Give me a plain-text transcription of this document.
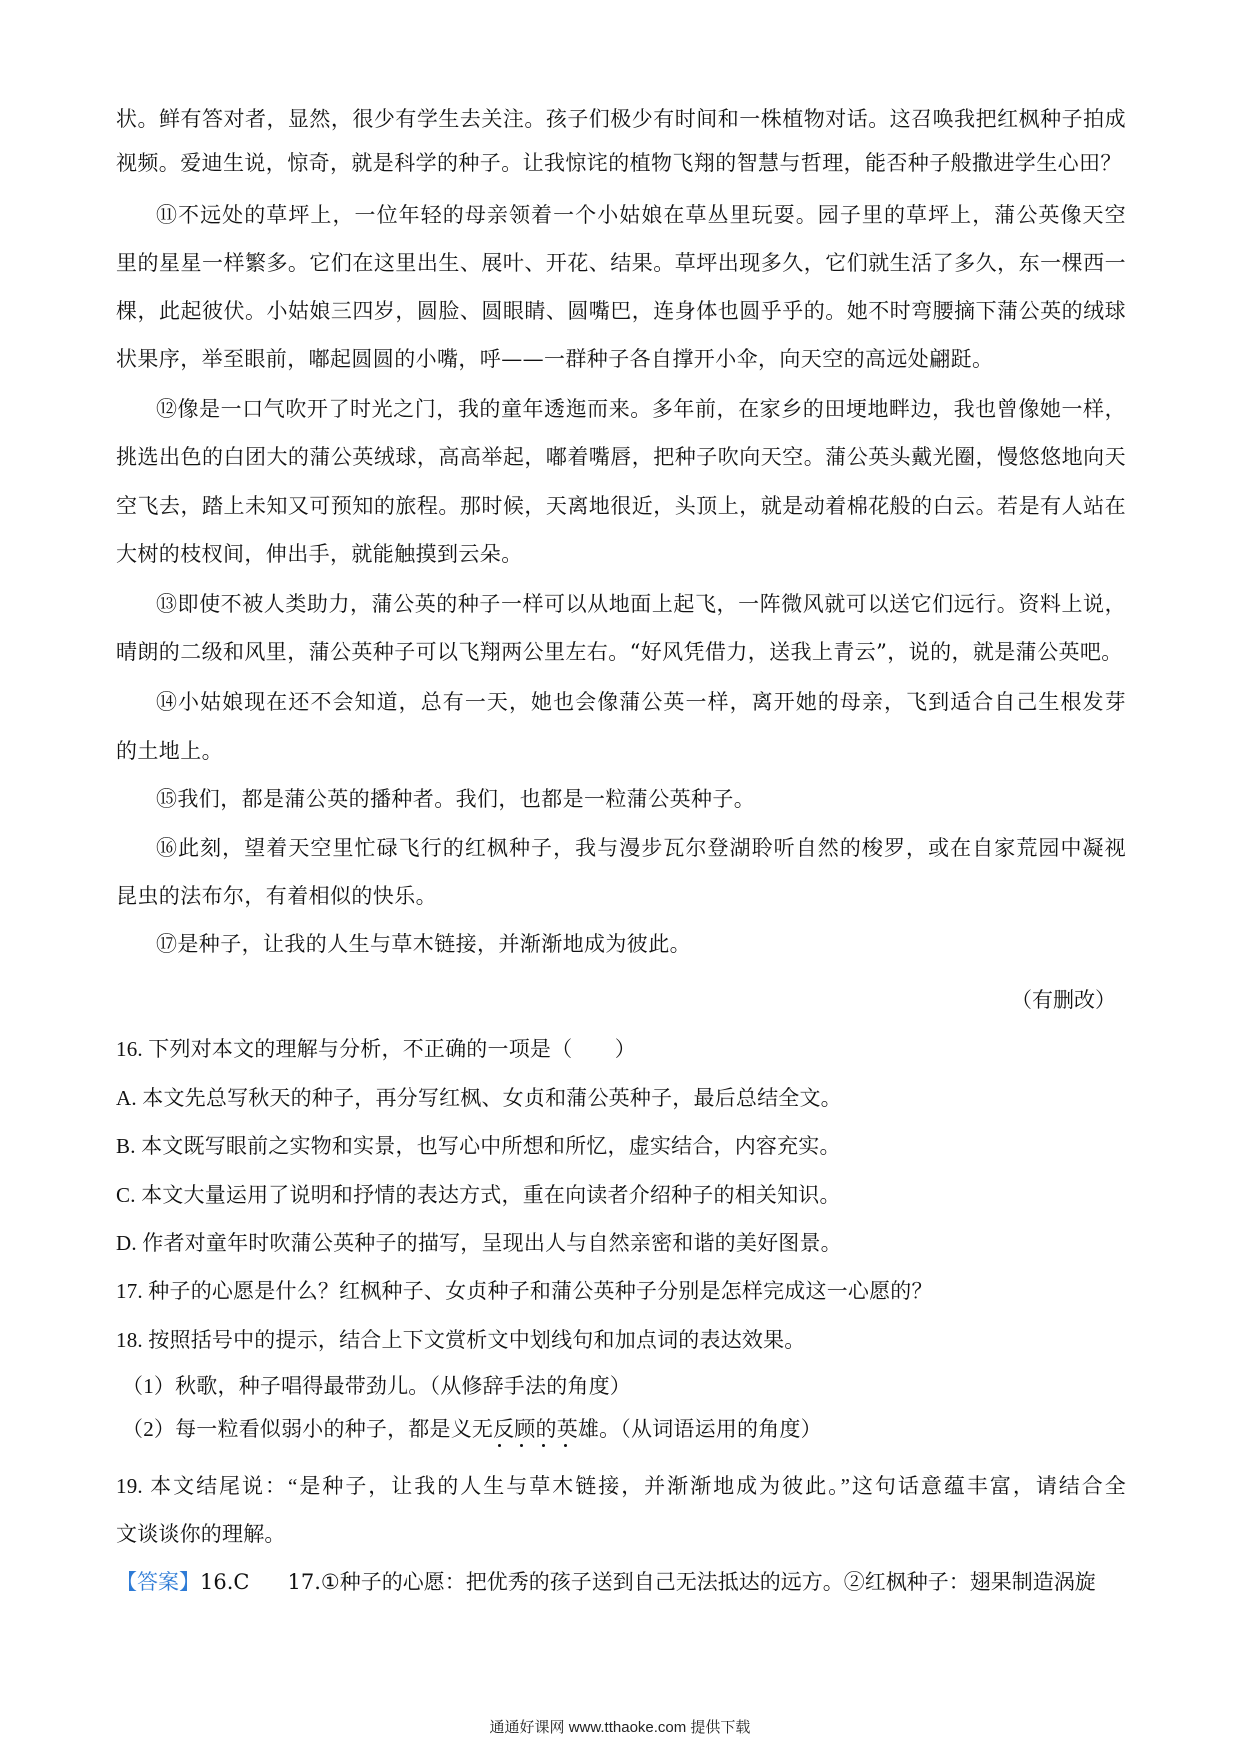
状。鲜有答对者，显然，很少有学生去关注。孩子们极少有时间和一株植物对话。这召唤我把红枫种子拍成
视频。爱迪生说，惊奇，就是科学的种子。让我惊诧的植物飞翔的智慧与哲理，能否种子般撒进学生心田？
⑪不远处的草坪上，一位年轻的母亲领着一个小姑娘在草丛里玩耍。园子里的草坪上，蒲公英像天空
里的星星一样繁多。它们在这里出生、展叶、开花、结果。草坪出现多久，它们就生活了多久，东一棵西一
棵，此起彼伏。小姑娘三四岁，圆脸、圆眼睛、圆嘴巴，连身体也圆乎乎的。她不时弯腰摘下蒲公英的绒球
状果序，举至眼前，嘟起圆圆的小嘴，呼——一群种子各自撑开小伞，向天空的高远处翩跹。
⑫像是一口气吹开了时光之门，我的童年透迤而来。多年前，在家乡的田埂地畔边，我也曾像她一样，
挑选出色的白团大的蒲公英绒球，高高举起，嘟着嘴唇，把种子吹向天空。蒲公英头戴光圈，慢悠悠地向天
空飞去，踏上未知又可预知的旅程。那时候，天离地很近，头顶上，就是动着棉花般的白云。若是有人站在
大树的枝杈间，伸出手，就能触摸到云朵。
⑬即使不被人类助力，蒲公英的种子一样可以从地面上起飞，一阵微风就可以送它们远行。资料上说，
晴朗的二级和风里，蒲公英种子可以飞翔两公里左右。“好风凭借力，送我上青云”，说的，就是蒲公英吧。
⑭小姑娘现在还不会知道，总有一天，她也会像蒲公英一样，离开她的母亲，飞到适合自己生根发芽
的土地上。
⑮我们，都是蒲公英的播种者。我们，也都是一粒蒲公英种子。
⑯此刻，望着天空里忙碌飞行的红枫种子，我与漫步瓦尔登湖聆听自然的梭罗，或在自家荒园中凝视
昆虫的法布尔，有着相似的快乐。
⑰是种子，让我的人生与草木链接，并渐渐地成为彼此。
（有删改）
16. 下列对本文的理解与分析，不正确的一项是（　　）
A. 本文先总写秋天的种子，再分写红枫、女贞和蒲公英种子，最后总结全文。
B. 本文既写眼前之实物和实景，也写心中所想和所忆，虚实结合，内容充实。
C. 本文大量运用了说明和抒情的表达方式，重在向读者介绍种子的相关知识。
D. 作者对童年时吹蒲公英种子的描写，呈现出人与自然亲密和谐的美好图景。
17. 种子的心愿是什么？红枫种子、女贞种子和蒲公英种子分别是怎样完成这一心愿的？
18. 按照括号中的提示，结合上下文赏析文中划线句和加点词的表达效果。
（1）秋歌，种子唱得最带劲儿。（从修辞手法的角度）
（2）每一粒看似弱小的种子，都是义无反顾的英雄。（从词语运用的角度）
19. 本文结尾说：“是种子，让我的人生与草木链接，并渐渐地成为彼此。”这句话意蕴丰富，请结合全
文谈谈你的理解。
【答案】16.C 17.①种子的心愿：把优秀的孩子送到自己无法抵达的远方。②红枫种子：翅果制造涡旋
通通好课网 www.tthaoke.com 提供下载
